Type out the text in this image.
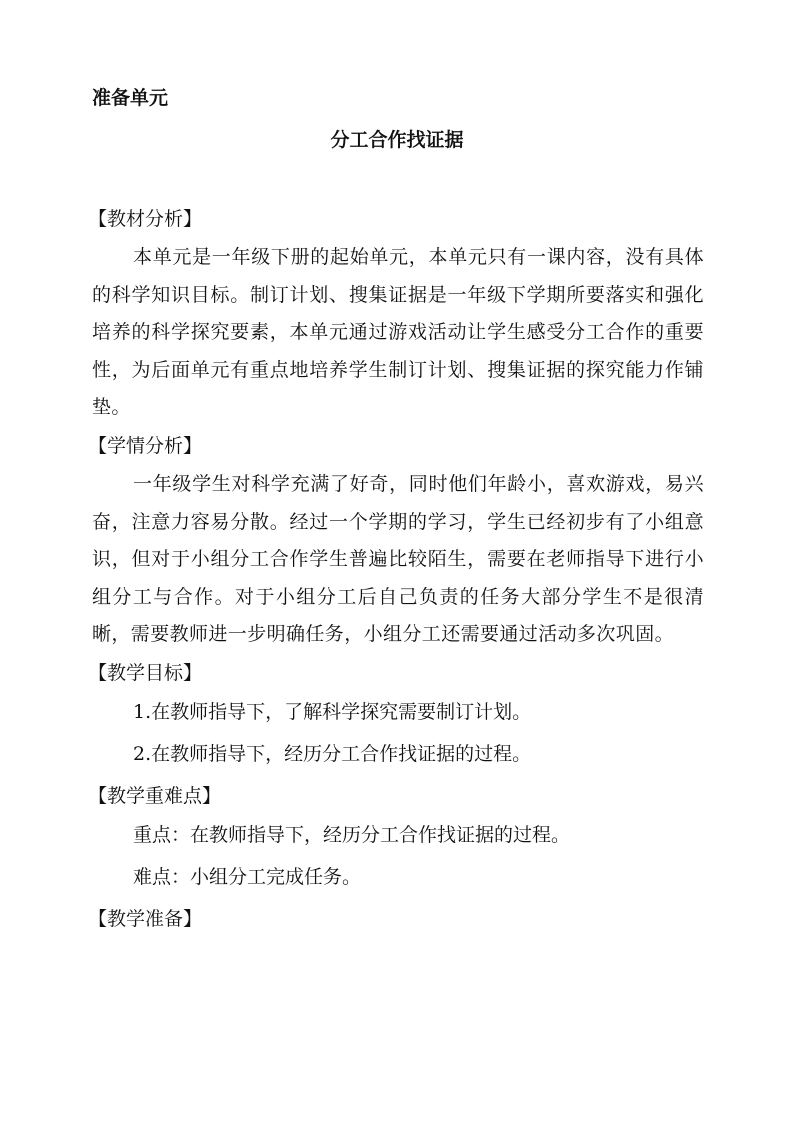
准备单元
分工合作找证据
【教材分析】

本单元是一年级下册的起始单元，本单元只有一课内容，没有具体的科学知识目标。制订计划、搜集证据是一年级下学期所要落实和强化培养的科学探究要素，本单元通过游戏活动让学生感受分工合作的重要性，为后面单元有重点地培养学生制订计划、搜集证据的探究能力作铺垫。

【学情分析】

一年级学生对科学充满了好奇，同时他们年龄小，喜欢游戏，易兴奋，注意力容易分散。经过一个学期的学习，学生已经初步有了小组意识，但对于小组分工合作学生普遍比较陌生，需要在老师指导下进行小组分工与合作。对于小组分工后自己负责的任务大部分学生不是很清晰，需要教师进一步明确任务，小组分工还需要通过活动多次巩固。

【教学目标】

1.在教师指导下，了解科学探究需要制订计划。

2.在教师指导下，经历分工合作找证据的过程。

【教学重难点】

重点：在教师指导下，经历分工合作找证据的过程。

难点：小组分工完成任务。

【教学准备】
